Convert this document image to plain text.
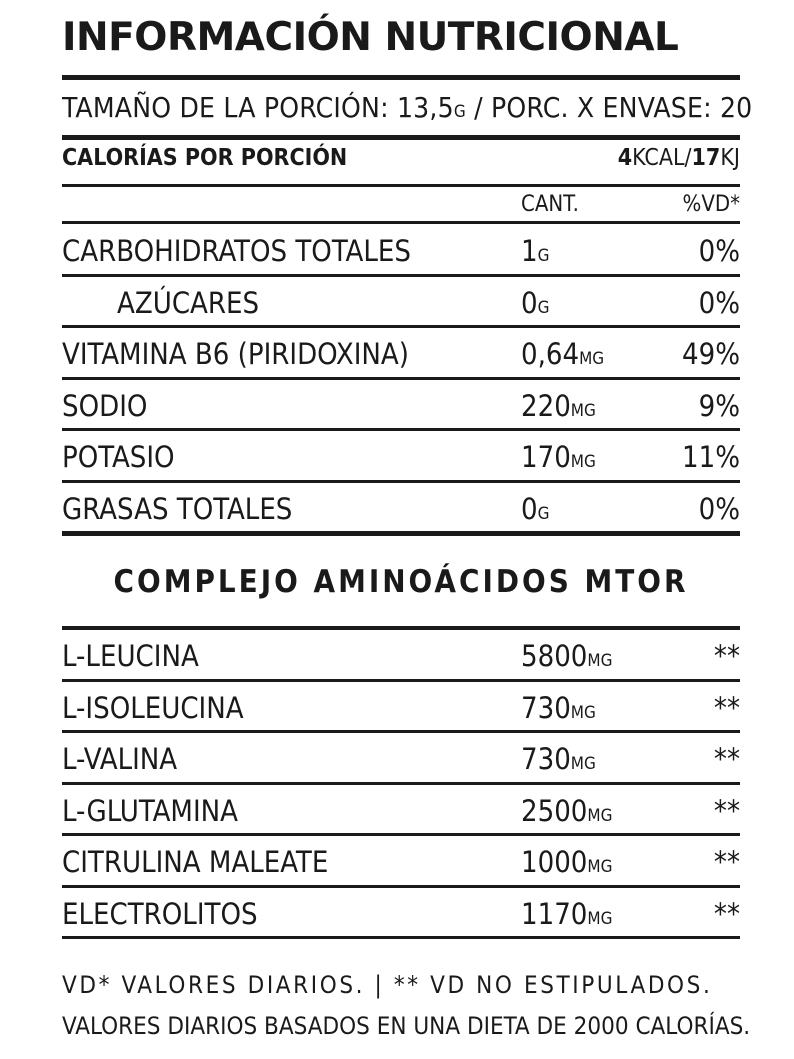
INFORMACIÓN NUTRICIONAL
TAMAÑO DE LA PORCIÓN: 13,5G / PORC. X ENVASE: 20
CALORÍAS POR PORCIÓN	4KCAL/17KJ
CANT.	%VD*
CARBOHIDRATOS TOTALES	1G	0%
AZÚCARES	0G	0%
VITAMINA B6 (PIRIDOXINA)	0,64MG	49%
SODIO	220MG	9%
POTASIO	170MG	11%
GRASAS TOTALES	0G	0%
COMPLEJO AMINOÁCIDOS MTOR
L-LEUCINA	5800MG	**
L-ISOLEUCINA	730MG	**
L-VALINA	730MG	**
L-GLUTAMINA	2500MG	**
CITRULINA MALEATE	1000MG	**
ELECTROLITOS	1170MG	**
VD* VALORES DIARIOS. | ** VD NO ESTIPULADOS.
VALORES DIARIOS BASADOS EN UNA DIETA DE 2000 CALORÍAS.
